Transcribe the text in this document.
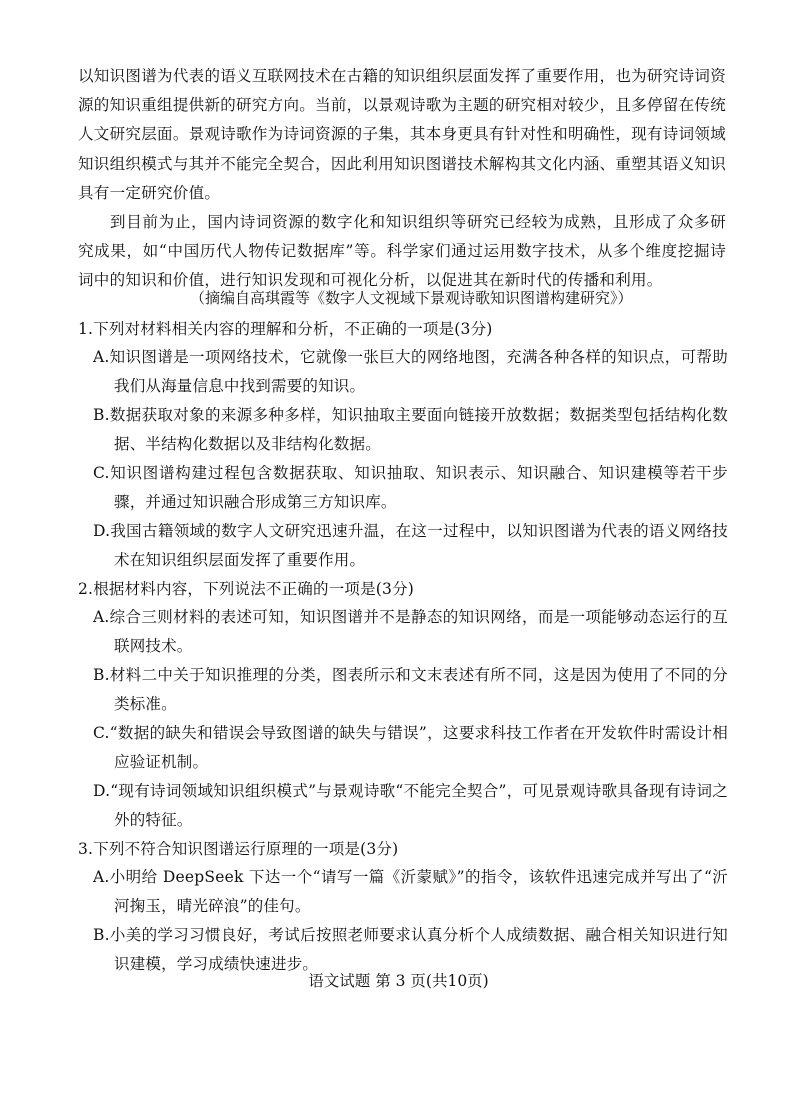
以知识图谱为代表的语义互联网技术在古籍的知识组织层面发挥了重要作用，也为研究诗词资源的知识重组提供新的研究方向。当前，以景观诗歌为主题的研究相对较少，且多停留在传统人文研究层面。景观诗歌作为诗词资源的子集，其本身更具有针对性和明确性，现有诗词领域知识组织模式与其并不能完全契合，因此利用知识图谱技术解构其文化内涵、重塑其语义知识具有一定研究价值。

到目前为止，国内诗词资源的数字化和知识组织等研究已经较为成熟，且形成了众多研究成果，如“中国历代人物传记数据库”等。科学家们通过运用数字技术，从多个维度挖掘诗词中的知识和价值，进行知识发现和可视化分析，以促进其在新时代的传播和利用。

（摘编自高琪霞等《数字人文视域下景观诗歌知识图谱构建研究》）
1.下列对材料相关内容的理解和分析，不正确的一项是(3分)
A.知识图谱是一项网络技术，它就像一张巨大的网络地图，充满各种各样的知识点，可帮助我们从海量信息中找到需要的知识。
B.数据获取对象的来源多种多样，知识抽取主要面向链接开放数据；数据类型包括结构化数据、半结构化数据以及非结构化数据。
C.知识图谱构建过程包含数据获取、知识抽取、知识表示、知识融合、知识建模等若干步骤，并通过知识融合形成第三方知识库。
D.我国古籍领域的数字人文研究迅速升温，在这一过程中，以知识图谱为代表的语义网络技术在知识组织层面发挥了重要作用。
2.根据材料内容，下列说法不正确的一项是(3分)
A.综合三则材料的表述可知，知识图谱并不是静态的知识网络，而是一项能够动态运行的互联网技术。
B.材料二中关于知识推理的分类，图表所示和文末表述有所不同，这是因为使用了不同的分类标准。
C.“数据的缺失和错误会导致图谱的缺失与错误”，这要求科技工作者在开发软件时需设计相应验证机制。
D.“现有诗词领域知识组织模式”与景观诗歌“不能完全契合”，可见景观诗歌具备现有诗词之外的特征。
3.下列不符合知识图谱运行原理的一项是(3分)
A.小明给 DeepSeek 下达一个“请写一篇《沂蒙赋》”的指令，该软件迅速完成并写出了“沂河掬玉，晴光碎浪”的佳句。
B.小美的学习习惯良好，考试后按照老师要求认真分析个人成绩数据、融合相关知识进行知识建模，学习成绩快速进步。
语文试题 第 3 页(共10页)
